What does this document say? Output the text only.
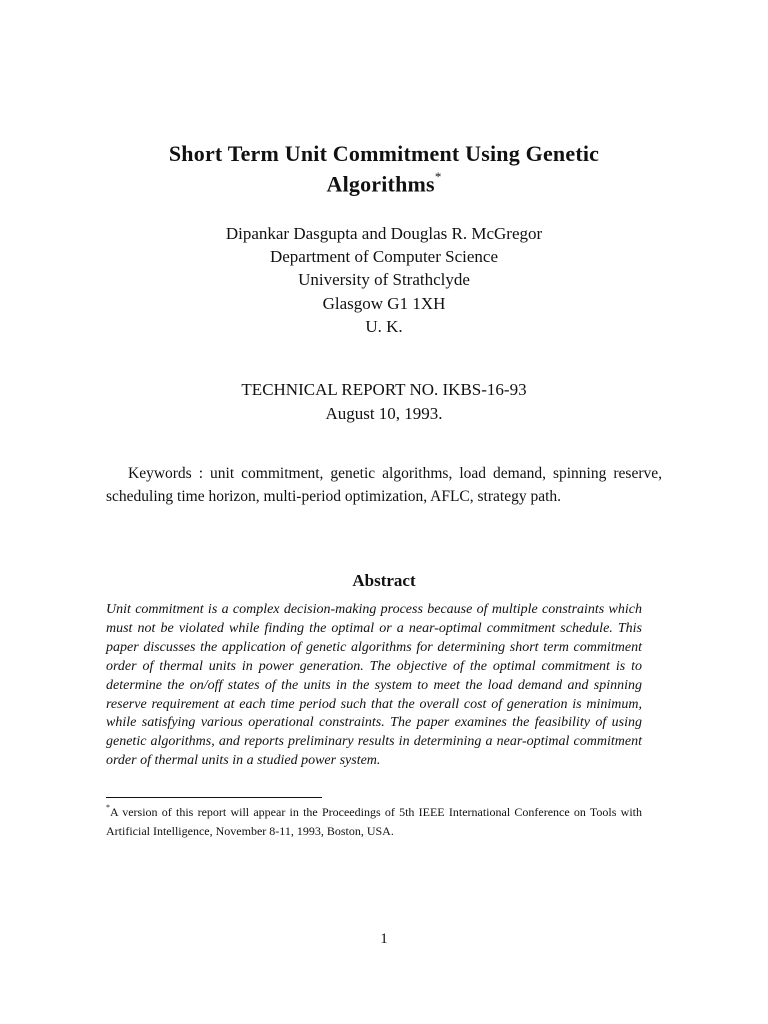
Short Term Unit Commitment Using Genetic
Algorithms*
Dipankar Dasgupta and Douglas R. McGregor
Department of Computer Science
University of Strathclyde
Glasgow G1 1XH
U. K.
TECHNICAL REPORT NO. IKBS-16-93
August 10, 1993.
Keywords : unit commitment, genetic algorithms, load demand, spinning reserve,
scheduling time horizon, multi-period optimization, AFLC, strategy path.
Abstract
Unit commitment is a complex decision-making process because of multiple constraints which must not be violated while finding the optimal or a near-optimal commitment schedule. This paper discusses the application of genetic algorithms for determining short term commitment order of thermal units in power generation. The objective of the optimal commitment is to determine the on/off states of the units in the system to meet the load demand and spinning reserve requirement at each time period such that the overall cost of generation is minimum, while satisfying various operational constraints. The paper examines the feasibility of using genetic algorithms, and reports preliminary results in determining a near-optimal commitment order of thermal units in a studied power system.
*A version of this report will appear in the Proceedings of 5th IEEE International Conference on Tools with Artificial Intelligence, November 8-11, 1993, Boston, USA.
1
